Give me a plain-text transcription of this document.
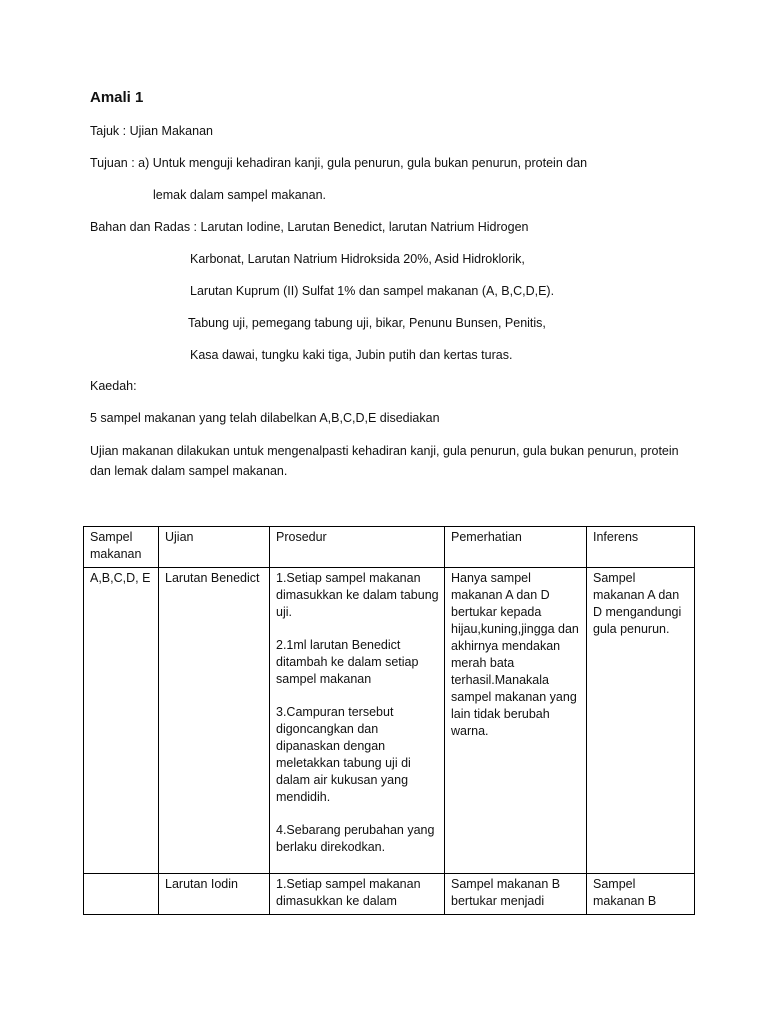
Amali 1
Tajuk : Ujian Makanan
Tujuan : a) Untuk menguji kehadiran kanji, gula penurun, gula bukan penurun, protein dan
lemak dalam sampel makanan.
Bahan dan Radas : Larutan Iodine, Larutan Benedict, larutan Natrium Hidrogen
Karbonat, Larutan Natrium Hidroksida 20%, Asid Hidroklorik,
Larutan Kuprum (II) Sulfat 1% dan sampel makanan (A, B,C,D,E).
Tabung uji, pemegang tabung uji, bikar, Penunu Bunsen, Penitis,
Kasa dawai, tungku kaki tiga, Jubin putih dan kertas turas.
Kaedah:
5 sampel makanan yang telah dilabelkan A,B,C,D,E disediakan
Ujian makanan dilakukan untuk mengenalpasti kehadiran kanji, gula penurun, gula bukan penurun, protein dan lemak dalam sampel makanan.
Sampel makanan	Ujian	Prosedur	Pemerhatian	Inferens
A,B,C,D, E	Larutan Benedict	1.Setiap sampel makanan dimasukkan ke dalam tabung uji.

2.1ml larutan Benedict ditambah ke dalam setiap sampel makanan

3.Campuran tersebut digoncangkan dan dipanaskan dengan meletakkan tabung uji di dalam air kukusan yang mendidih.

4.Sebarang perubahan yang berlaku direkodkan.	Hanya sampel makanan A dan D bertukar kepada hijau,kuning,jingga dan akhirnya mendakan merah bata terhasil.Manakala sampel makanan yang lain tidak berubah warna.	Sampel makanan A dan D mengandungi gula penurun.
	Larutan Iodin	1.Setiap sampel makanan dimasukkan ke dalam	Sampel makanan B bertukar menjadi	Sampel makanan B
